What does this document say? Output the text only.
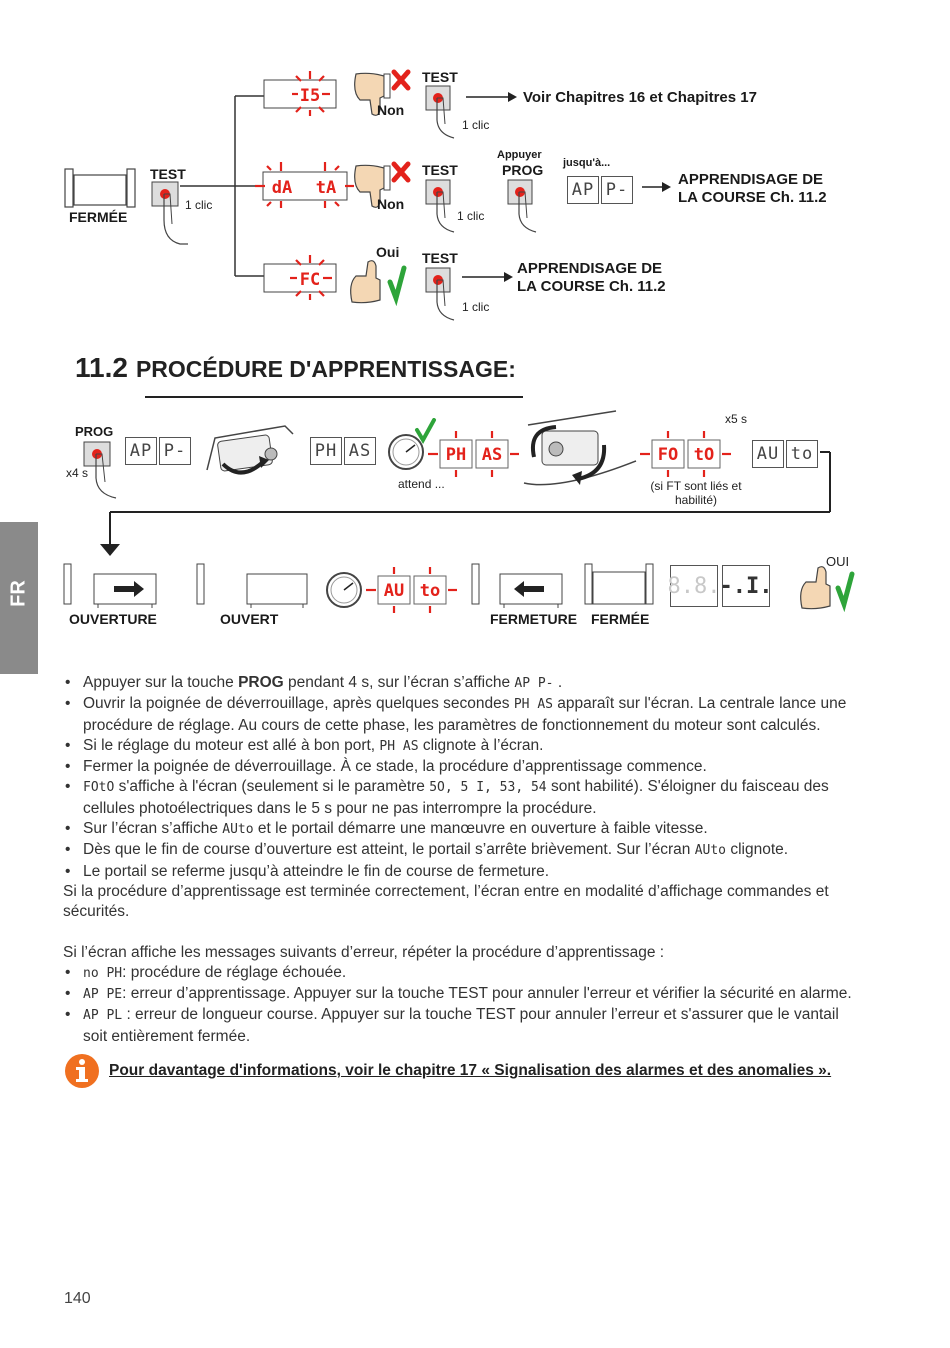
FERMÉE
TEST
1 clic
I5
Non
TEST
1 clic
Voir Chapitres 16 et Chapitres 17
dA tA
Non
TEST
1 clic
Appuyer
PROG jusqu'à...
AP P-
APPRENDISAGE DE
LA COURSE Ch. 11.2
FC
Oui TEST
1 clic
APPRENDISAGE DE
LA COURSE Ch. 11.2
11.2 PROCÉDURE D'APPRENTISSAGE:
PROG
x4 s
AP P-	PH AS
attend ...
PH AS
x5 s
FO tO
(si FT sont liés et
habilité)
AU to
OUVERTURE	OUVERT
AU to
FERMETURE FERMÉE
8.8. -.I.
OUI
FR
• Appuyer sur la touche PROG pendant 4 s, sur l’écran s’affiche AP P- .
• Ouvrir la poignée de déverrouillage, après quelques secondes PH AS apparaît sur l'écran. La centrale lance une procédure de réglage. Au cours de cette phase, les paramètres de fonctionnement du moteur sont calculés.
• Si le réglage du moteur est allé à bon port, PH AS clignote à l’écran.
• Fermer la poignée de déverrouillage. À ce stade, la procédure d’apprentissage commence.
• FOtO s'affiche à l'écran (seulement si le paramètre 5O, 5 I, 53, 54 sont habilité). S'éloigner du faisceau des cellules photoélectriques dans le 5 s pour ne pas interrompre la procédure.
• Sur l’écran s’affiche AUto et le portail démarre une manœuvre en ouverture à faible vitesse.
• Dès que le fin de course d’ouverture est atteint, le portail s’arrête brièvement. Sur l’écran AUto clignote.
• Le portail se referme jusqu’à atteindre le fin de course de fermeture.
Si la procédure d’apprentissage est terminée correctement, l’écran entre en modalité d’affichage commandes et sécurités.
Si l’écran affiche les messages suivants d’erreur, répéter la procédure d’apprentissage :
• no PH: procédure de réglage échouée.
• AP PE: erreur d’apprentissage. Appuyer sur la touche TEST pour annuler l'erreur et vérifier la sécurité en alarme.
• AP PL : erreur de longueur course. Appuyer sur la touche TEST pour annuler l’erreur et s'assurer que le vantail soit entièrement fermée.
Pour davantage d'informations, voir le chapitre 17 « Signalisation des alarmes et des anomalies ».
140
